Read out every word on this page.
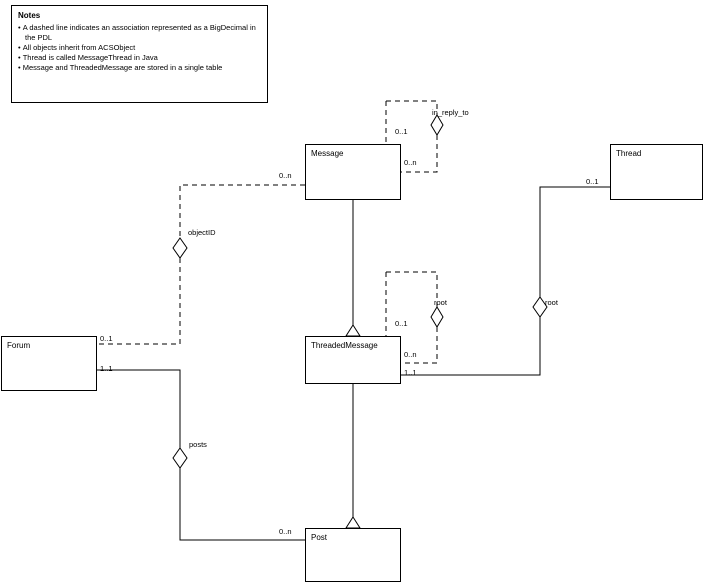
Notes
• A dashed line indicates an association represented as a BigDecimal in the PDL
• All objects inherit from ACSObject
• Thread is called MessageThread in Java
• Message and ThreadedMessage are stored in a single table
Message	Thread
ThreadedMessage
Forum
Post
in_reply_to
objectID
root	root
posts
0..1
0..n
0..n
0..1
0..1
0..n
1..1
0..1
1..1
0..n
